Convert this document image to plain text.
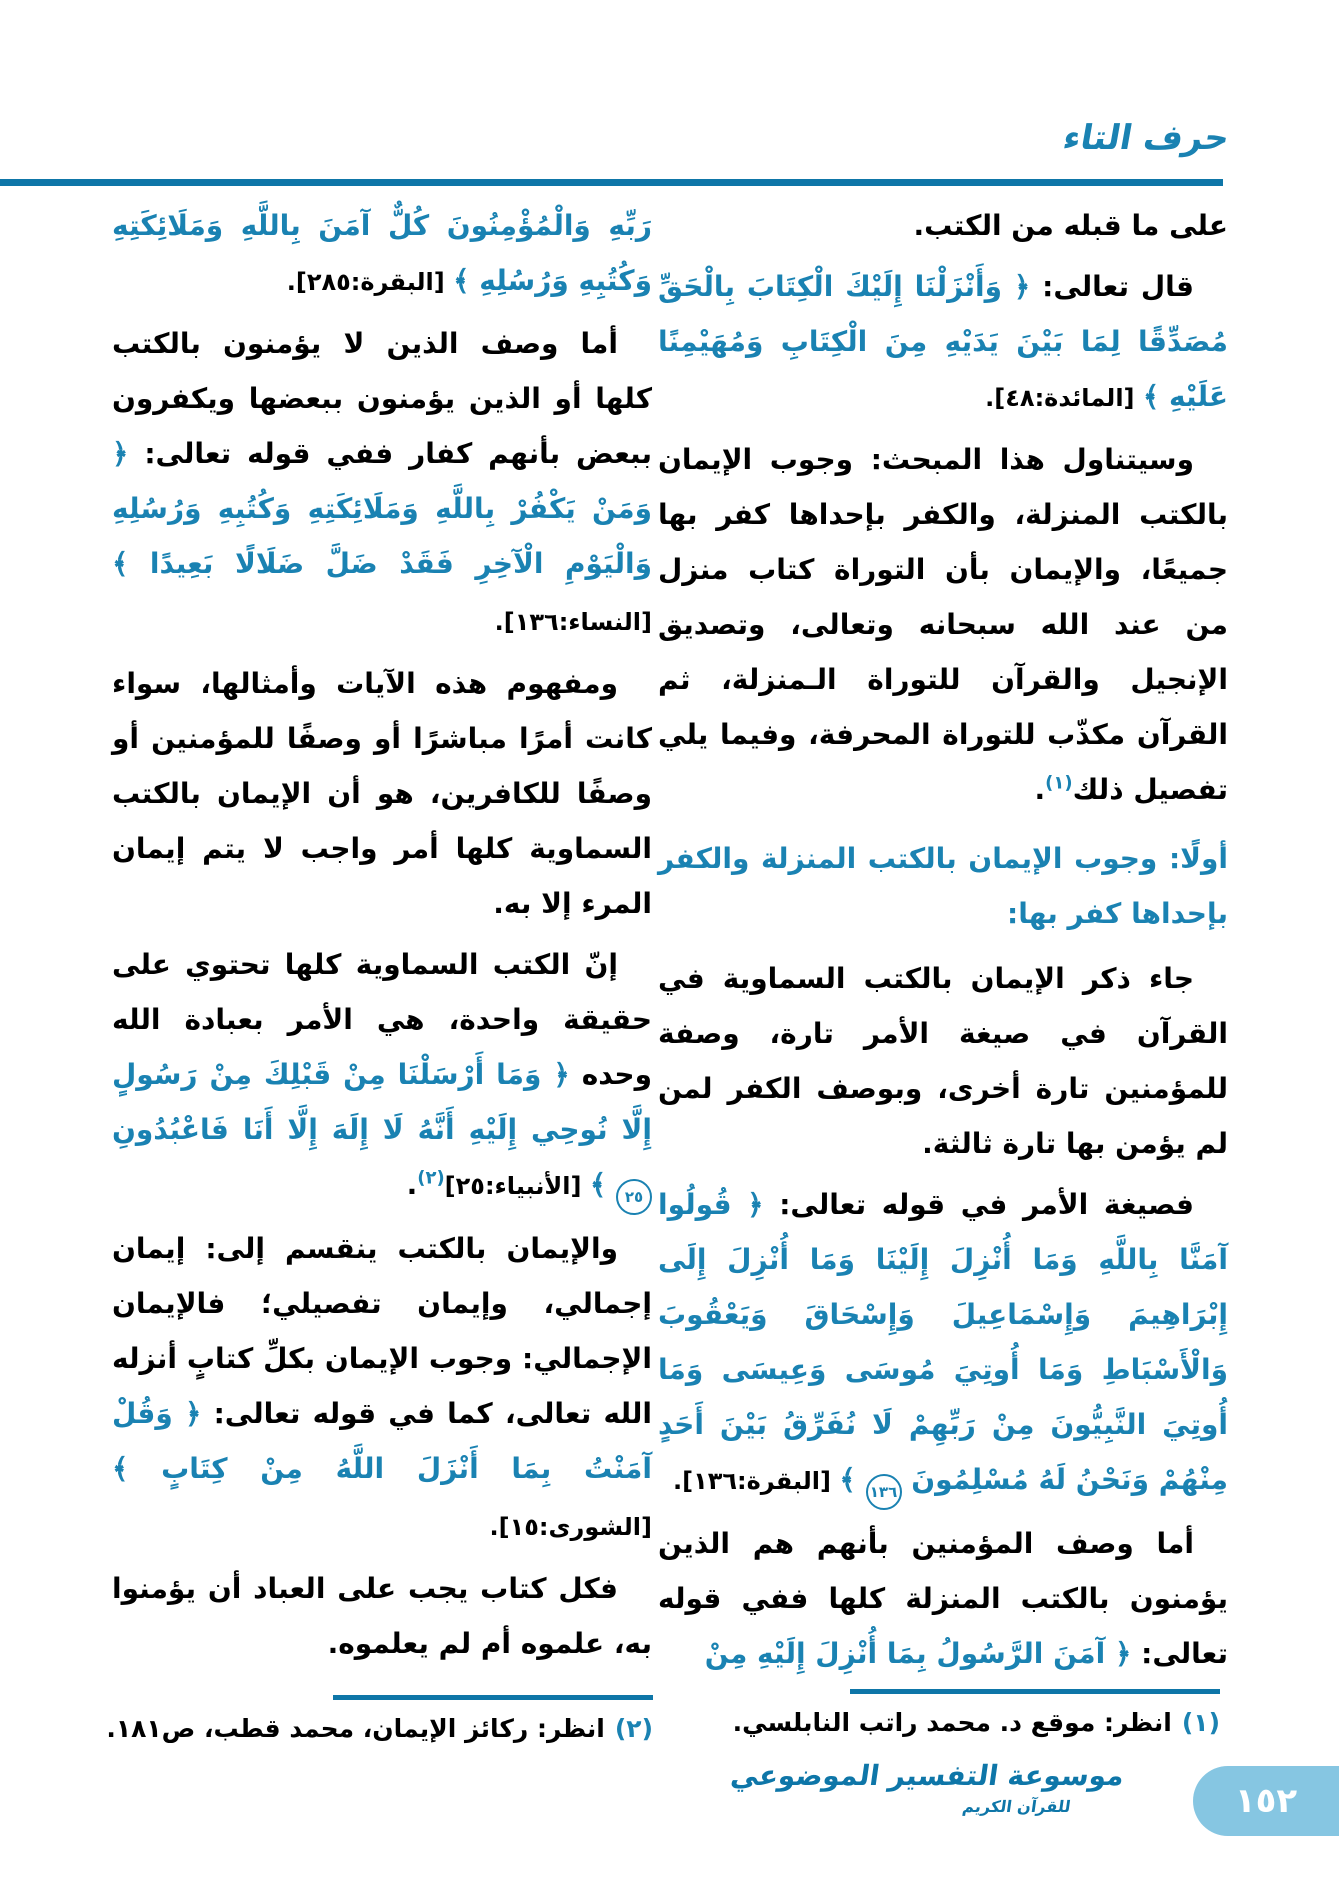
حرف التاء

على ما قبله من الكتب.

قال تعالى: ﴿ وَأَنْزَلْنَا إِلَيْكَ الْكِتَابَ بِالْحَقِّ مُصَدِّقًا لِمَا بَيْنَ يَدَيْهِ مِنَ الْكِتَابِ وَمُهَيْمِنًا عَلَيْهِ ﴾ [المائدة:٤٨].

وسيتناول هذا المبحث: وجوب الإيمان بالكتب المنزلة، والكفر بإحداها كفر بها جميعًا، والإيمان بأن التوراة كتاب منزل من عند الله سبحانه وتعالى، وتصديق الإنجيل والقرآن للتوراة الـمنزلة، ثم القرآن مكذّب للتوراة المحرفة، وفيما يلي تفصيل ذلك$^{(١)}$.

أولًا: وجوب الإيمان بالكتب المنزلة والكفر بإحداها كفر بها:

جاء ذكر الإيمان بالكتب السماوية في القرآن في صيغة الأمر تارة، وصفة للمؤمنين تارة أخرى، وبوصف الكفر لمن لم يؤمن بها تارة ثالثة.

فصيغة الأمر في قوله تعالى: ﴿ قُولُوا آمَنَّا بِاللَّهِ وَمَا أُنْزِلَ إِلَيْنَا وَمَا أُنْزِلَ إِلَى إِبْرَاهِيمَ وَإِسْمَاعِيلَ وَإِسْحَاقَ وَيَعْقُوبَ وَالْأَسْبَاطِ وَمَا أُوتِيَ مُوسَى وَعِيسَى وَمَا أُوتِيَ النَّبِيُّونَ مِنْ رَبِّهِمْ لَا نُفَرِّقُ بَيْنَ أَحَدٍ مِنْهُمْ وَنَحْنُ لَهُ مُسْلِمُونَ ١٣٦ ﴾ [البقرة:١٣٦].

أما وصف المؤمنين بأنهم هم الذين يؤمنون بالكتب المنزلة كلها ففي قوله تعالى: ﴿ آمَنَ الرَّسُولُ بِمَا أُنْزِلَ إِلَيْهِ مِنْ

رَبِّهِ وَالْمُؤْمِنُونَ كُلٌّ آمَنَ بِاللَّهِ وَمَلَائِكَتِهِ وَكُتُبِهِ وَرُسُلِهِ ﴾ [البقرة:٢٨٥].

أما وصف الذين لا يؤمنون بالكتب كلها أو الذين يؤمنون ببعضها ويكفرون ببعض بأنهم كفار ففي قوله تعالى: ﴿ وَمَنْ يَكْفُرْ بِاللَّهِ وَمَلَائِكَتِهِ وَكُتُبِهِ وَرُسُلِهِ وَالْيَوْمِ الْآخِرِ فَقَدْ ضَلَّ ضَلَالًا بَعِيدًا ﴾ [النساء:١٣٦].

ومفهوم هذه الآيات وأمثالها، سواء كانت أمرًا مباشرًا أو وصفًا للمؤمنين أو وصفًا للكافرين، هو أن الإيمان بالكتب السماوية كلها أمر واجب لا يتم إيمان المرء إلا به.

إنّ الكتب السماوية كلها تحتوي على حقيقة واحدة، هي الأمر بعبادة الله وحده ﴿ وَمَا أَرْسَلْنَا مِنْ قَبْلِكَ مِنْ رَسُولٍ إِلَّا نُوحِي إِلَيْهِ أَنَّهُ لَا إِلَهَ إِلَّا أَنَا فَاعْبُدُونِ ٢٥ ﴾ [الأنبياء:٢٥]$^{(٢)}$.

والإيمان بالكتب ينقسم إلى: إيمان إجمالي، وإيمان تفصيلي؛ فالإيمان الإجمالي: وجوب الإيمان بكلِّ كتابٍ أنزله الله تعالى، كما في قوله تعالى: ﴿ وَقُلْ آمَنْتُ بِمَا أَنْزَلَ اللَّهُ مِنْ كِتَابٍ ﴾ [الشورى:١٥].

فكل كتاب يجب على العباد أن يؤمنوا به، علموه أم لم يعلموه.

(١)انظر: موقع د. محمد راتب النابلسي.
(٢)انظر: ركائز الإيمان، محمد قطب، ص١٨١.
موسوعة التفسير الموضوعي
للقرآن الكريم	١٥٢
